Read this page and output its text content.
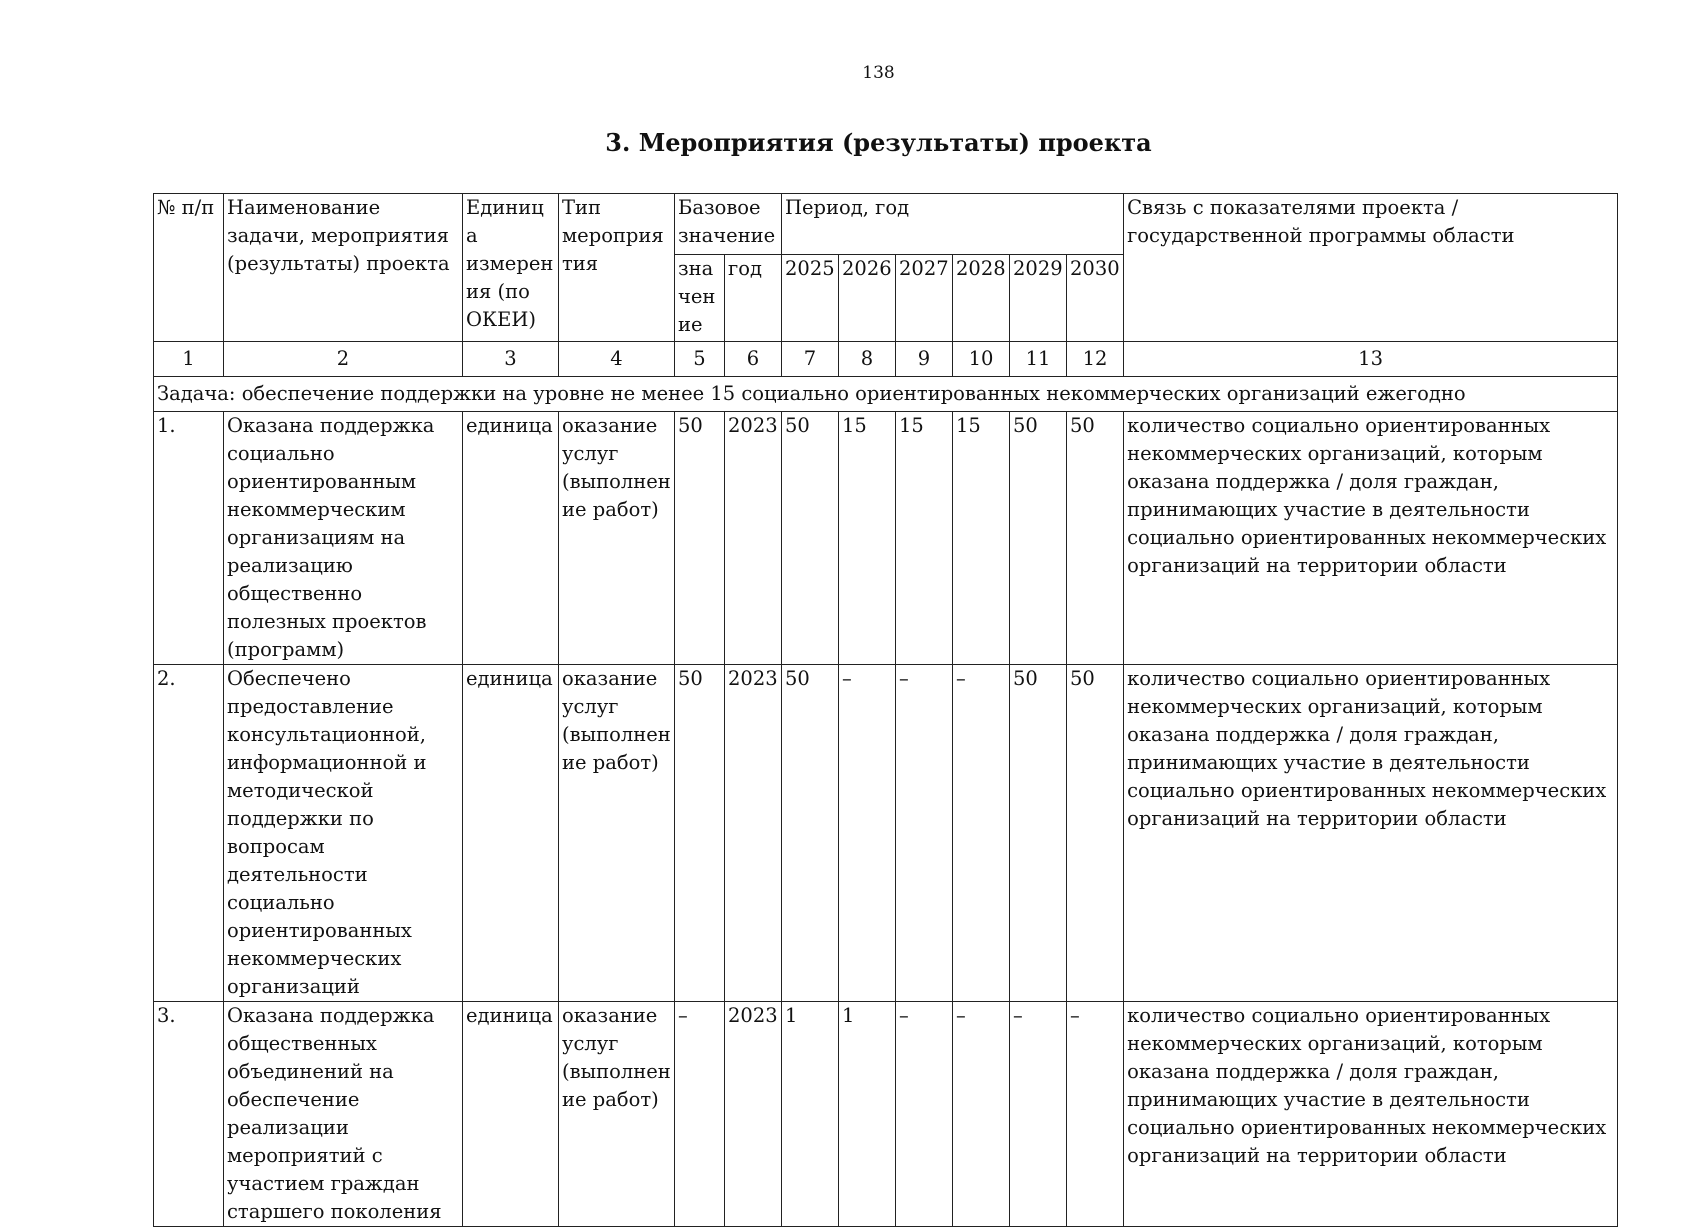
138
3. Мероприятия (результаты) проекта
№ п/п	Наименование задачи, мероприятия (результаты) проекта	Единица измерения (по ОКЕИ)	Тип мероприятия	Базовое значение		Период, год						Связь с показателями проекта / государственной программы области
				значение	год	2025	2026	2027	2028	2029	2030	
1	2	3	4	5	6	7	8	9	10	11	12	13
Задача: обеспечение поддержки на уровне не менее 15 социально ориентированных некоммерческих организаций ежегодно												
1.	Оказана поддержка социально ориентированным некоммерческим организациям на реализацию общественно полезных проектов (программ)	единица	оказание услуг (выполнение работ)	50	2023	50	15	15	15	50	50	количество социально ориентированных некоммерческих организаций, которым оказана поддержка / доля граждан, принимающих участие в деятельности социально ориентированных некоммерческих организаций на территории области
2.	Обеспечено предоставление консультационной, информационной и методической поддержки по вопросам деятельности социально ориентированных некоммерческих организаций	единица	оказание услуг (выполнение работ)	50	2023	50	–	–	–	50	50	количество социально ориентированных некоммерческих организаций, которым оказана поддержка / доля граждан, принимающих участие в деятельности социально ориентированных некоммерческих организаций на территории области
3.	Оказана поддержка общественных объединений на обеспечение реализации мероприятий с участием граждан старшего поколения	единица	оказание услуг (выполнение работ)	–	2023	1	1	–	–	–	–	количество социально ориентированных некоммерческих организаций, которым оказана поддержка / доля граждан, принимающих участие в деятельности социально ориентированных некоммерческих организаций на территории области
